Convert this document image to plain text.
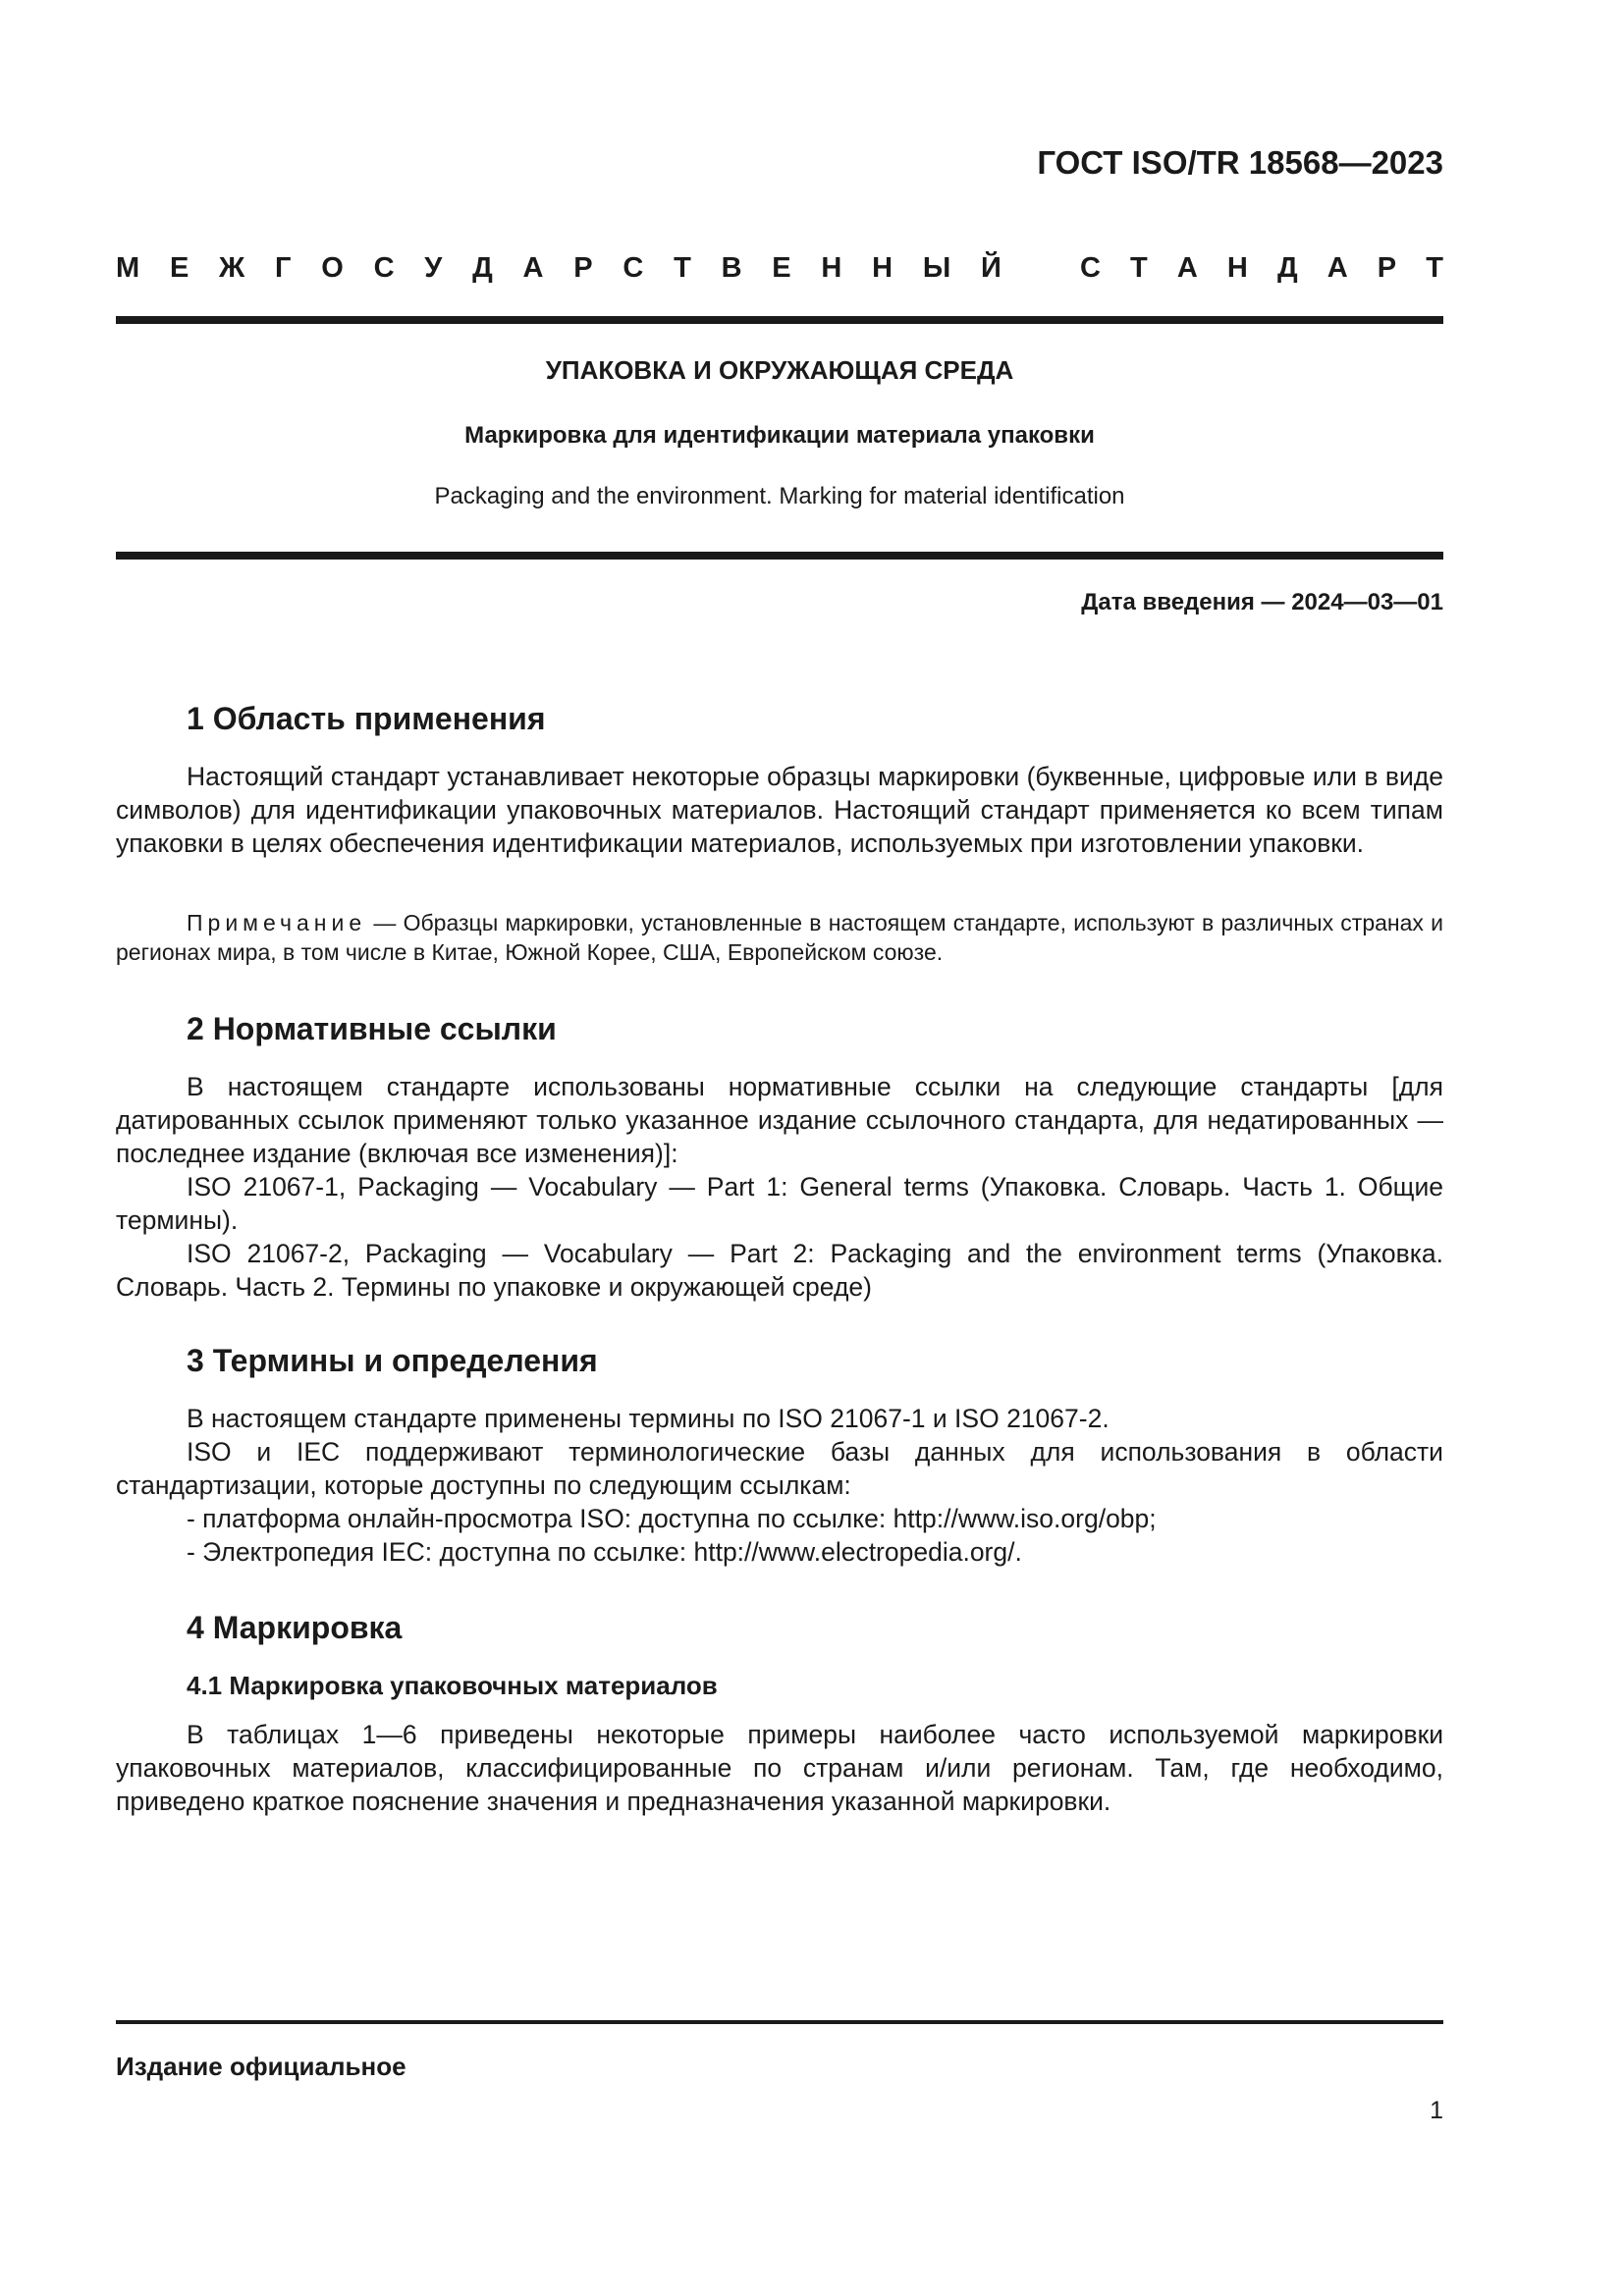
ГОСТ ISO/TR 18568—2023
М Е Ж Г О С У Д А Р С Т В Е Н Н Ы Й	С Т А Н Д А Р Т
УПАКОВКА И ОКРУЖАЮЩАЯ СРЕДА
Маркировка для идентификации материала упаковки
Packaging and the environment. Marking for material identification
Дата введения — 2024—03—01
1 Область применения

Настоящий стандарт устанавливает некоторые образцы маркировки (буквенные, цифровые или в виде символов) для идентификации упаковочных материалов. Настоящий стандарт применяется ко всем типам упаковки в целях обеспечения идентификации материалов, используемых при изготовлении упаковки.

Примечание — Образцы маркировки, установленные в настоящем стандарте, используют в различных странах и регионах мира, в том числе в Китае, Южной Корее, США, Европейском союзе.

2 Нормативные ссылки

В настоящем стандарте использованы нормативные ссылки на следующие стандарты [для датированных ссылок применяют только указанное издание ссылочного стандарта, для недатированных — последнее издание (включая все изменения)]:

ISO 21067-1, Packaging — Vocabulary — Part 1: General terms (Упаковка. Словарь. Часть 1. Общие термины).

ISO 21067-2, Packaging — Vocabulary — Part 2: Packaging and the environment terms (Упаковка. Словарь. Часть 2. Термины по упаковке и окружающей среде)

3 Термины и определения

В настоящем стандарте применены термины по ISO 21067-1 и ISO 21067-2.

ISO и IEC поддерживают терминологические базы данных для использования в области стандартизации, которые доступны по следующим ссылкам:

- платформа онлайн-просмотра ISO: доступна по ссылке: http://www.iso.org/obp;

- Электропедия IEC: доступна по ссылке: http://www.electropedia.org/.

4 Маркировка
4.1 Маркировка упаковочных материалов

В таблицах 1—6 приведены некоторые примеры наиболее часто используемой маркировки упаковочных материалов, классифицированные по странам и/или регионам. Там, где необходимо, приведено краткое пояснение значения и предназначения указанной маркировки.

Издание официальное
1
